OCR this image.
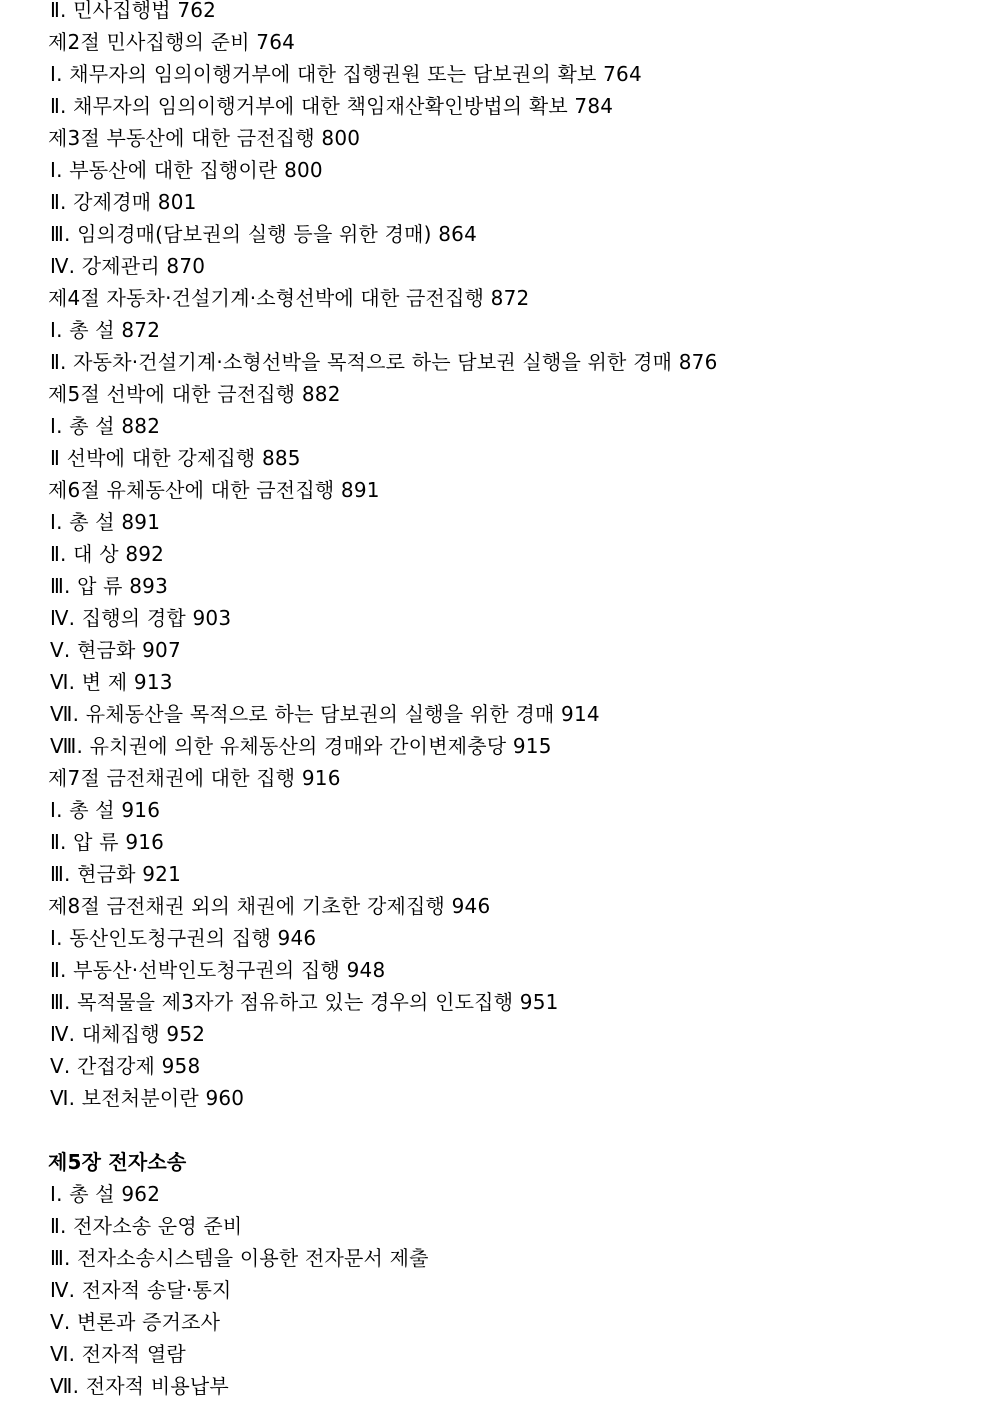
Ⅱ. 민사집행법 762
제2절 민사집행의 준비 764
Ⅰ. 채무자의 임의이행거부에 대한 집행권원 또는 담보권의 확보 764
Ⅱ. 채무자의 임의이행거부에 대한 책임재산확인방법의 확보 784
제3절 부동산에 대한 금전집행 800
Ⅰ. 부동산에 대한 집행이란 800
Ⅱ. 강제경매 801
Ⅲ. 임의경매(담보권의 실행 등을 위한 경매) 864
Ⅳ. 강제관리 870
제4절 자동차·건설기계·소형선박에 대한 금전집행 872
Ⅰ. 총 설 872
Ⅱ. 자동차·건설기계·소형선박을 목적으로 하는 담보권 실행을 위한 경매 876
제5절 선박에 대한 금전집행 882
Ⅰ. 총 설 882
Ⅱ 선박에 대한 강제집행 885
제6절 유체동산에 대한 금전집행 891
Ⅰ. 총 설 891
Ⅱ. 대 상 892
Ⅲ. 압 류 893
Ⅳ. 집행의 경합 903
Ⅴ. 현금화 907
Ⅵ. 변 제 913
Ⅶ. 유체동산을 목적으로 하는 담보권의 실행을 위한 경매 914
Ⅷ. 유치권에 의한 유체동산의 경매와 간이변제충당 915
제7절 금전채권에 대한 집행 916
Ⅰ. 총 설 916
Ⅱ. 압 류 916
Ⅲ. 현금화 921
제8절 금전채권 외의 채권에 기초한 강제집행 946
Ⅰ. 동산인도청구권의 집행 946
Ⅱ. 부동산·선박인도청구권의 집행 948
Ⅲ. 목적물을 제3자가 점유하고 있는 경우의 인도집행 951
Ⅳ. 대체집행 952
Ⅴ. 간접강제 958
Ⅵ. 보전처분이란 960
제5장 전자소송
Ⅰ. 총 설 962
Ⅱ. 전자소송 운영 준비
Ⅲ. 전자소송시스템을 이용한 전자문서 제출
Ⅳ. 전자적 송달·통지
Ⅴ. 변론과 증거조사
Ⅵ. 전자적 열람
Ⅶ. 전자적 비용납부
